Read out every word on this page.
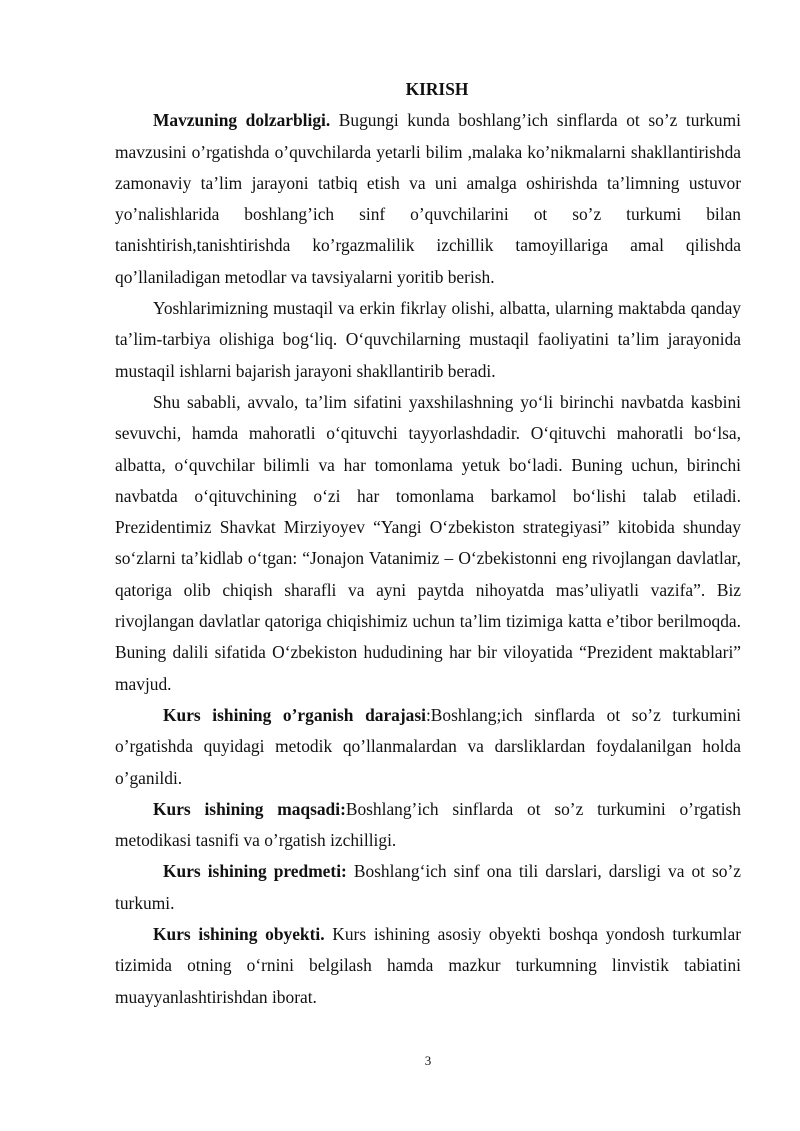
KIRISH

Mavzuning dolzarbligi. Bugungi kunda boshlang’ich sinflarda ot so’z turkumi mavzusini o’rgatishda o’quvchilarda yetarli bilim ,malaka ko’nikmalarni shakllantirishda zamonaviy ta’lim jarayoni tatbiq etish va uni amalga oshirishda ta’limning ustuvor yo’nalishlarida boshlang’ich sinf o’quvchilarini ot so’z turkumi bilan tanishtirish,tanishtirishda ko’rgazmalilik izchillik tamoyillariga amal qilishda qo’llaniladigan metodlar va tavsiyalarni yoritib berish.

Yoshlarimizning mustaqil va erkin fikrlay olishi, albatta, ularning maktabda qanday ta’lim-tarbiya olishiga bog‘liq. O‘quvchilarning mustaqil faoliyatini ta’lim jarayonida mustaqil ishlarni bajarish jarayoni shakllantirib beradi.

Shu sababli, avvalo, ta’lim sifatini yaxshilashning yo‘li birinchi navbatda kasbini sevuvchi, hamda mahoratli o‘qituvchi tayyorlashdadir. O‘qituvchi mahoratli bo‘lsa, albatta, o‘quvchilar bilimli va har tomonlama yetuk bo‘ladi. Buning uchun, birinchi navbatda o‘qituvchining o‘zi har tomonlama barkamol bo‘lishi talab etiladi. Prezidentimiz Shavkat Mirziyoyev “Yangi O‘zbekiston strategiyasi” kitobida shunday so‘zlarni ta’kidlab o‘tgan: “Jonajon Vatanimiz – O‘zbekistonni eng rivojlangan davlatlar, qatoriga olib chiqish sharafli va ayni paytda nihoyatda mas’uliyatli vazifa”. Biz rivojlangan davlatlar qatoriga chiqishimiz uchun ta’lim tizimiga katta e’tibor berilmoqda. Buning dalili sifatida O‘zbekiston hududining har bir viloyatida “Prezident maktablari” mavjud.

Kurs ishining o’rganish darajasi:Boshlang;ich sinflarda ot so’z turkumini o’rgatishda quyidagi metodik qo’llanmalardan va darsliklardan foydalanilgan holda o’ganildi.

Kurs ishining maqsadi:Boshlang’ich sinflarda ot so’z turkumini o’rgatish metodikasi tasnifi va o’rgatish izchilligi.

Kurs ishining predmeti: Boshlang‘ich sinf ona tili darslari, darsligi va ot so’z turkumi.

Kurs ishining obyekti. Kurs ishining asosiy obyekti boshqa yondosh turkumlar tizimida otning o‘rnini belgilash hamda mazkur turkumning linvistik tabiatini muayyanlashtirishdan iborat.

3
